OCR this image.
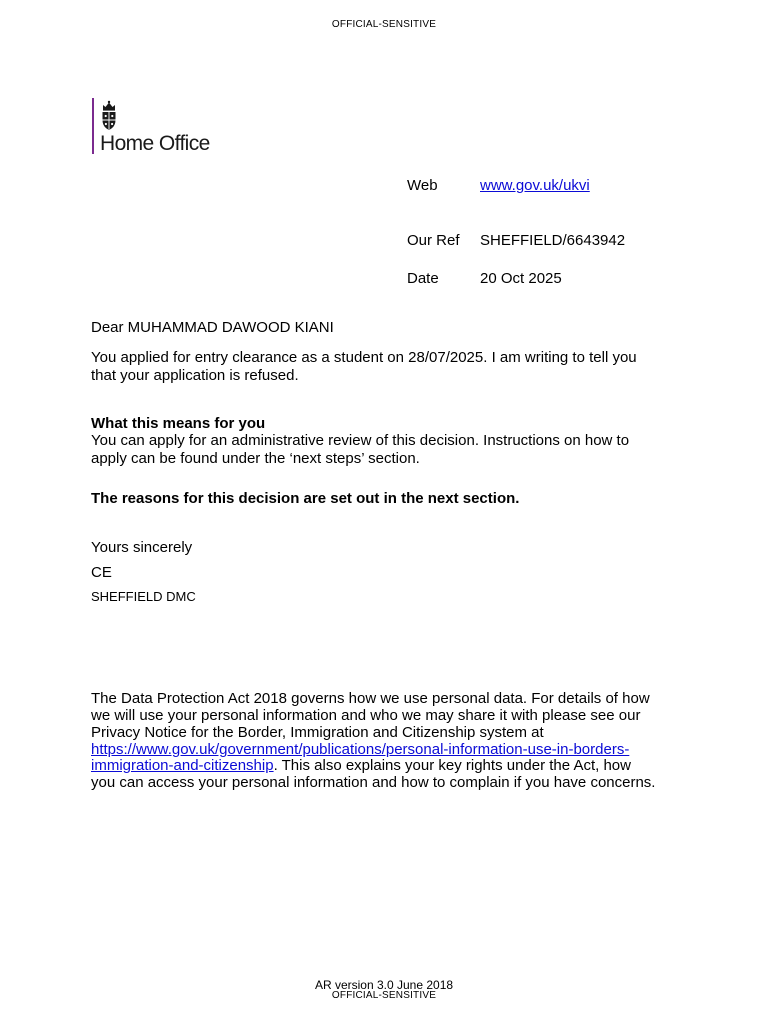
OFFICIAL-SENSITIVE
Home Office
Web	www.gov.uk/ukvi
Our Ref SHEFFIELD/6643942
Date	20 Oct 2025
Dear MUHAMMAD DAWOOD KIANI
You applied for entry clearance as a student on 28/07/2025. I am writing to tell you
that your application is refused.
What this means for you
You can apply for an administrative review of this decision. Instructions on how to
apply can be found under the ‘next steps’ section.
The reasons for this decision are set out in the next section.
Yours sincerely
CE
SHEFFIELD DMC
The Data Protection Act 2018 governs how we use personal data. For details of how
we will use your personal information and who we may share it with please see our
Privacy Notice for the Border, Immigration and Citizenship system at
https://www.gov.uk/government/publications/personal-information-use-in-borders-
immigration-and-citizenship. This also explains your key rights under the Act, how
you can access your personal information and how to complain if you have concerns.
AR version 3.0 June 2018
OFFICIAL-SENSITIVE
